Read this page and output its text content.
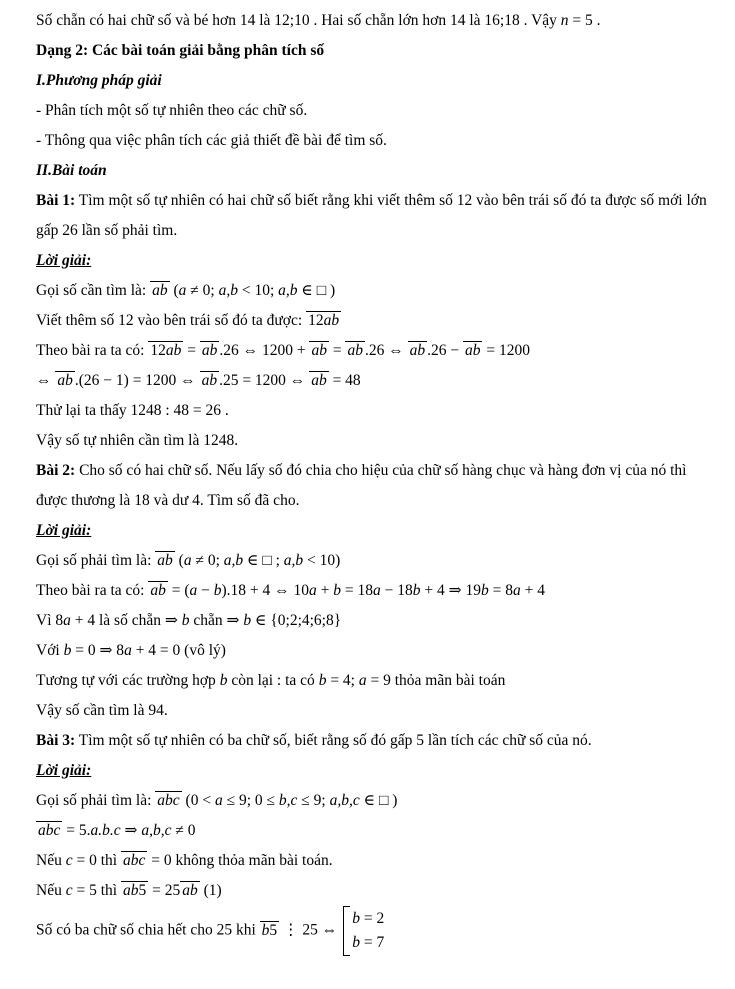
Số chẵn có hai chữ số và bé hơn 14 là 12;10 . Hai số chẵn lớn hơn 14 là 16;18 . Vậy n = 5 .

Dạng 2: Các bài toán giải bằng phân tích số

I.Phương pháp giải

- Phân tích một số tự nhiên theo các chữ số.

- Thông qua việc phân tích các giả thiết đề bài để tìm số.

II.Bài toán

Bài 1: Tìm một số tự nhiên có hai chữ số biết rằng khi viết thêm số 12 vào bên trái số đó ta được số mới lớn gấp 26 lần số phải tìm.

Lời giải:

Gọi số cần tìm là: ab (a ≠ 0; a,b < 10; a,b ∈ □ )

Viết thêm số 12 vào bên trái số đó ta được: 12ab

Theo bài ra ta có: 12ab = ab .26 ⇔ 1200 + ab = ab .26 ⇔ ab .26 − ab = 1200

⇔ ab .(26 − 1) = 1200 ⇔ ab .25 = 1200 ⇔ ab = 48

Thử lại ta thấy 1248 : 48 = 26 .

Vậy số tự nhiên cần tìm là 1248.

Bài 2: Cho số có hai chữ số. Nếu lấy số đó chia cho hiệu của chữ số hàng chục và hàng đơn vị của nó thì được thương là 18 và dư 4. Tìm số đã cho.

Lời giải:

Gọi số phải tìm là: ab (a ≠ 0; a,b ∈ □ ; a,b < 10)

Theo bài ra ta có: ab = (a − b).18 + 4 ⇔ 10a + b = 18a − 18b + 4 ⇒ 19b = 8a + 4

Vì 8a + 4 là số chẵn ⇒ b chẵn ⇒ b ∈ {0;2;4;6;8}

Với b = 0 ⇒ 8a + 4 = 0 (vô lý)

Tương tự với các trường hợp b còn lại : ta có b = 4; a = 9 thỏa mãn bài toán

Vậy số cần tìm là 94.

Bài 3: Tìm một số tự nhiên có ba chữ số, biết rằng số đó gấp 5 lần tích các chữ số của nó.

Lời giải:

Gọi số phải tìm là: abc (0 < a ≤ 9; 0 ≤ b,c ≤ 9; a,b,c ∈ □ )

abc = 5.a.b.c ⇒ a,b,c ≠ 0

Nếu c = 0 thì abc = 0 không thỏa mãn bài toán.

Nếu c = 5 thì ab5 = 25 ab (1)

Số có ba chữ số chia hết cho 25 khi b5 ⋮ 25 ⇔
b = 2
b = 7
